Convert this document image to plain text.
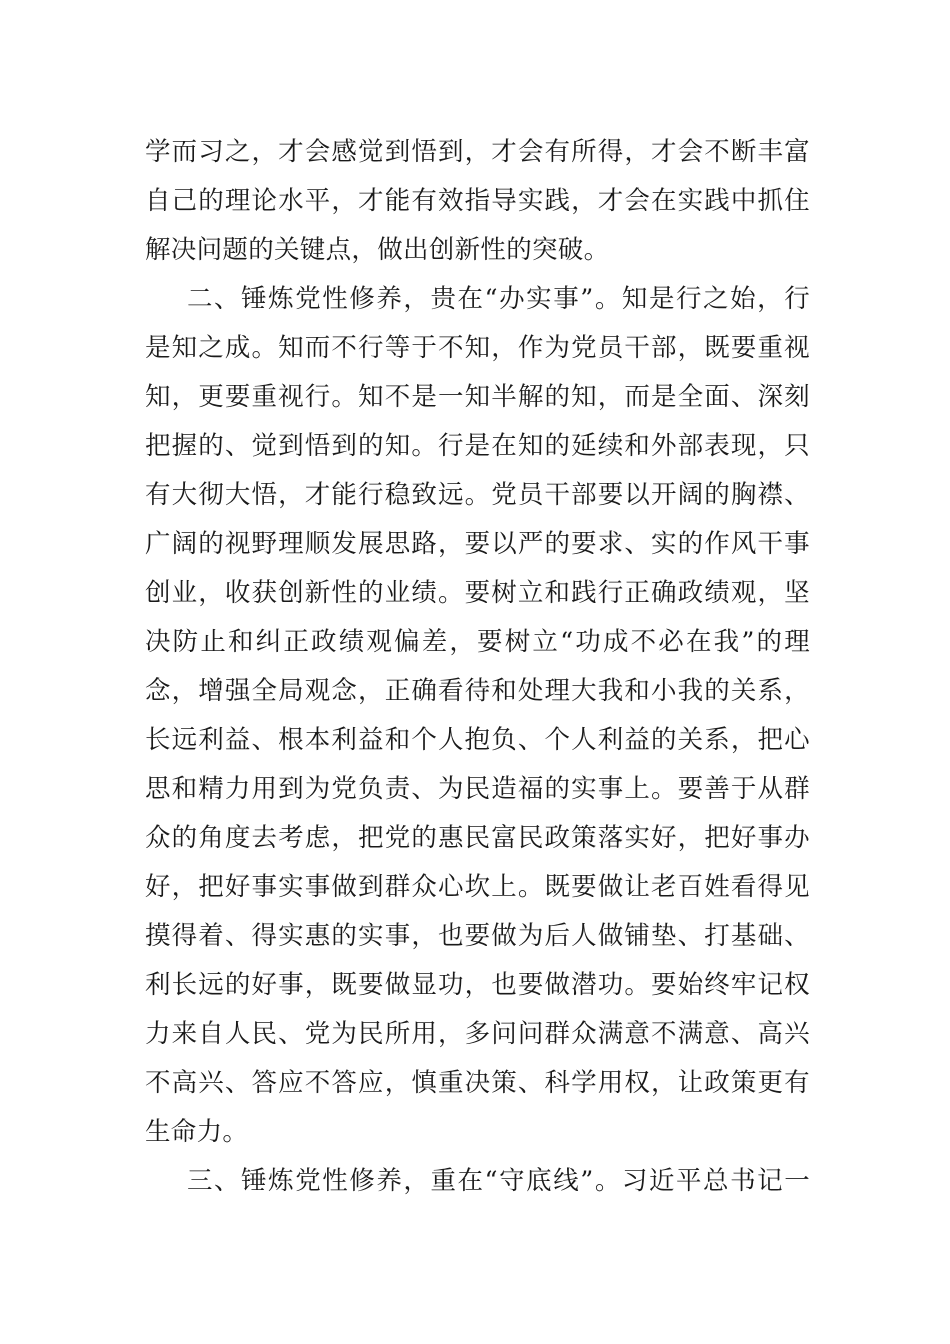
学而习之，才会感觉到悟到，才会有所得，才会不断丰富
自己的理论水平，才能有效指导实践，才会在实践中抓住
解决问题的关键点，做出创新性的突破。
二、锤炼党性修养，贵在“办实事”。知是行之始，行
是知之成。知而不行等于不知，作为党员干部，既要重视
知，更要重视行。知不是一知半解的知，而是全面、深刻
把握的、觉到悟到的知。行是在知的延续和外部表现，只
有大彻大悟，才能行稳致远。党员干部要以开阔的胸襟、
广阔的视野理顺发展思路，要以严的要求、实的作风干事
创业，收获创新性的业绩。要树立和践行正确政绩观，坚
决防止和纠正政绩观偏差，要树立“功成不必在我”的理
念，增强全局观念，正确看待和处理大我和小我的关系，
长远利益、根本利益和个人抱负、个人利益的关系，把心
思和精力用到为党负责、为民造福的实事上。要善于从群
众的角度去考虑，把党的惠民富民政策落实好，把好事办
好，把好事实事做到群众心坎上。既要做让老百姓看得见
摸得着、得实惠的实事，也要做为后人做铺垫、打基础、
利长远的好事，既要做显功，也要做潜功。要始终牢记权
力来自人民、党为民所用，多问问群众满意不满意、高兴
不高兴、答应不答应，慎重决策、科学用权，让政策更有
生命力。
三、锤炼党性修养，重在“守底线”。习近平总书记一
